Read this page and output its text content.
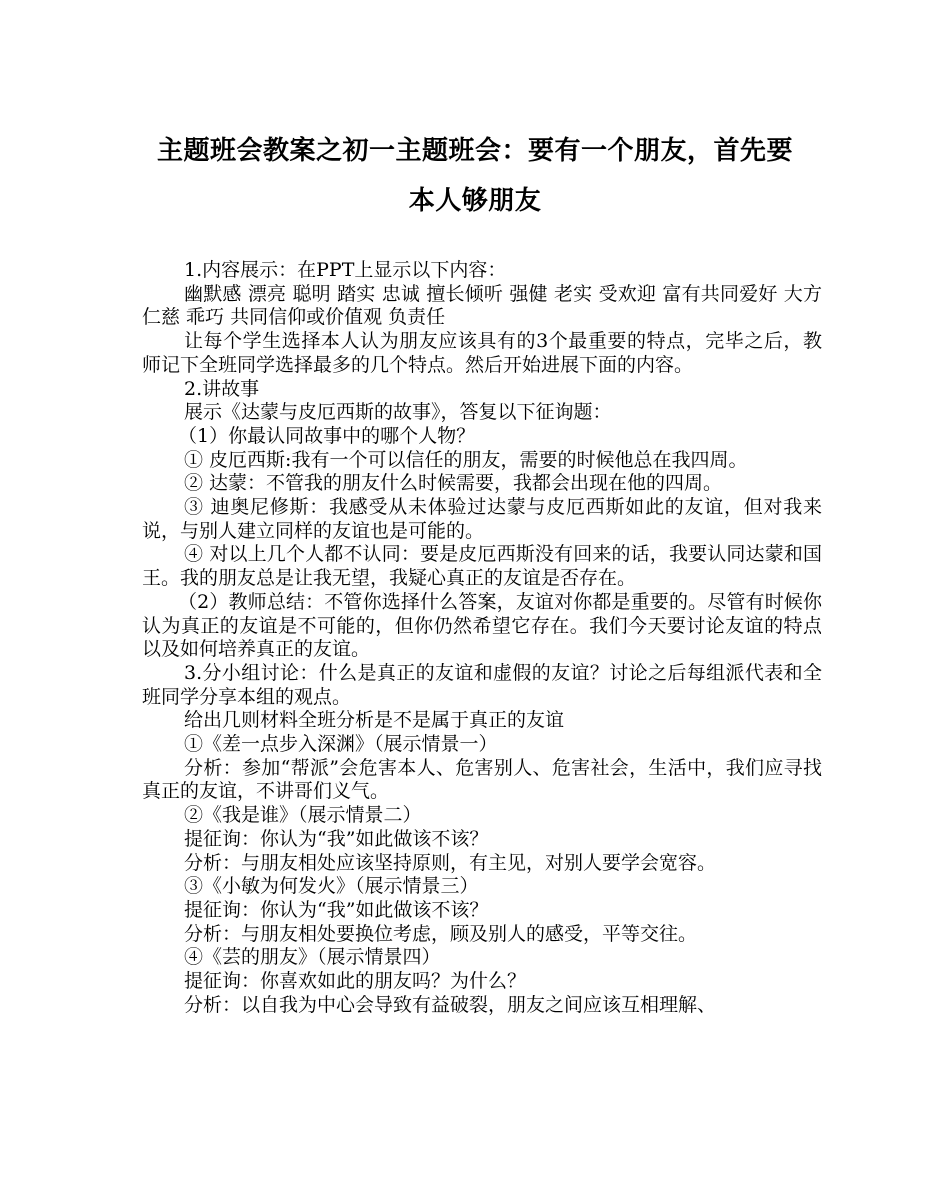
主题班会教案之初一主题班会：要有一个朋友，首先要
本人够朋友

1.内容展示：在PPT上显示以下内容：

幽默感 漂亮 聪明 踏实 忠诚 擅长倾听 强健 老实 受欢迎 富有共同爱好 大方 仁慈 乖巧 共同信仰或价值观 负责任

让每个学生选择本人认为朋友应该具有的3个最重要的特点，完毕之后，教师记下全班同学选择最多的几个特点。然后开始进展下面的内容。

2.讲故事

展示《达蒙与皮厄西斯的故事》，答复以下征询题：

（1）你最认同故事中的哪个人物？

① 皮厄西斯:我有一个可以信任的朋友，需要的时候他总在我四周。

② 达蒙：不管我的朋友什么时候需要，我都会出现在他的四周。

③ 迪奥尼修斯：我感受从未体验过达蒙与皮厄西斯如此的友谊，但对我来说，与别人建立同样的友谊也是可能的。

④ 对以上几个人都不认同：要是皮厄西斯没有回来的话，我要认同达蒙和国王。我的朋友总是让我无望，我疑心真正的友谊是否存在。

（2）教师总结：不管你选择什么答案，友谊对你都是重要的。尽管有时候你认为真正的友谊是不可能的，但你仍然希望它存在。我们今天要讨论友谊的特点以及如何培养真正的友谊。

3.分小组讨论：什么是真正的友谊和虚假的友谊？讨论之后每组派代表和全班同学分享本组的观点。

给出几则材料全班分析是不是属于真正的友谊

①《差一点步入深渊》（展示情景一）

分析：参加“帮派”会危害本人、危害别人、危害社会，生活中，我们应寻找真正的友谊，不讲哥们义气。

②《我是谁》（展示情景二）

提征询：你认为“我”如此做该不该？

分析：与朋友相处应该坚持原则，有主见，对别人要学会宽容。

③《小敏为何发火》（展示情景三）

提征询：你认为“我”如此做该不该？

分析：与朋友相处要换位考虑，顾及别人的感受，平等交往。

④《芸的朋友》（展示情景四）

提征询：你喜欢如此的朋友吗？为什么？

分析：以自我为中心会导致有益破裂，朋友之间应该互相理解、
